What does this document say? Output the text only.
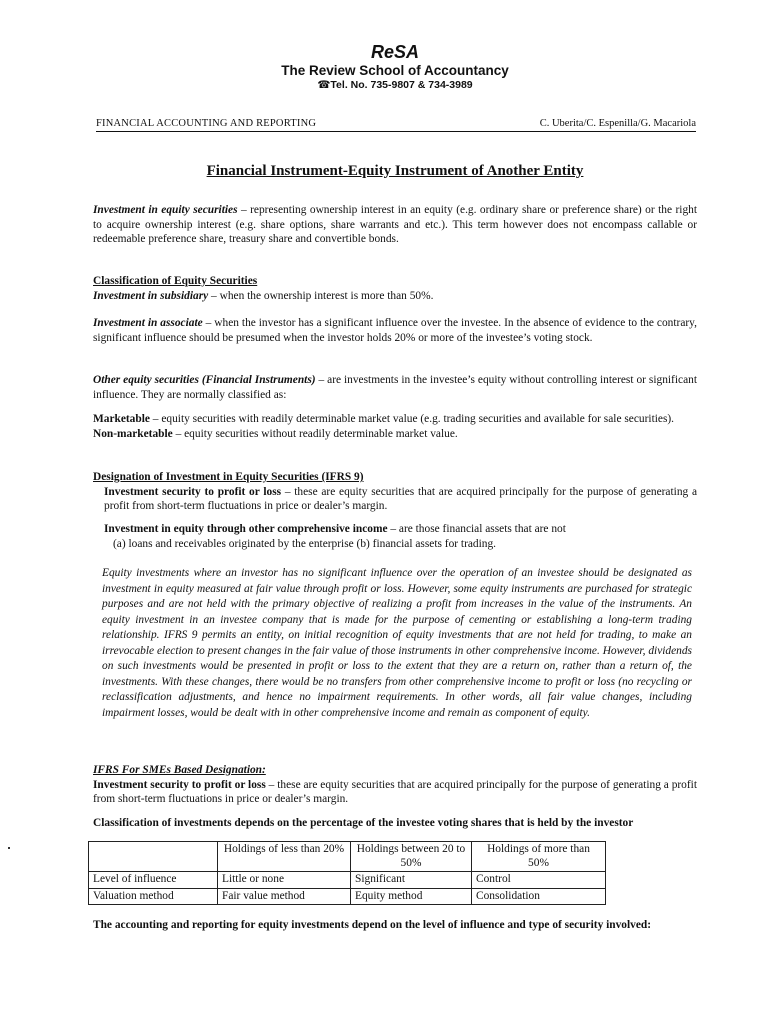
ReSA
The Review School of Accountancy
☎Tel. No. 735-9807 & 734-3989
FINANCIAL ACCOUNTING AND REPORTING	C. Uberita/C. Espenilla/G. Macariola
Financial Instrument-Equity Instrument of Another Entity
Investment in equity securities – representing ownership interest in an equity (e.g. ordinary share or preference share) or the right to acquire ownership interest (e.g. share options, share warrants and etc.). This term however does not encompass callable or redeemable preference share, treasury share and convertible bonds.
Classification of Equity Securities
Investment in subsidiary – when the ownership interest is more than 50%.
Investment in associate – when the investor has a significant influence over the investee. In the absence of evidence to the contrary, significant influence should be presumed when the investor holds 20% or more of the investee’s voting stock.
Other equity securities (Financial Instruments) – are investments in the investee’s equity without controlling interest or significant influence. They are normally classified as:
Marketable – equity securities with readily determinable market value (e.g. trading securities and available for sale securities).
Non-marketable – equity securities without readily determinable market value.
Designation of Investment in Equity Securities (IFRS 9)
Investment security to profit or loss – these are equity securities that are acquired principally for the purpose of generating a profit from short-term fluctuations in price or dealer’s margin.
Investment in equity through other comprehensive income – are those financial assets that are not
(a) loans and receivables originated by the enterprise (b) financial assets for trading.
Equity investments where an investor has no significant influence over the operation of an investee should be designated as investment in equity measured at fair value through profit or loss. However, some equity instruments are purchased for strategic purposes and are not held with the primary objective of realizing a profit from increases in the value of the instruments. An equity investment in an investee company that is made for the purpose of cementing or establishing a long-term trading relationship. IFRS 9 permits an entity, on initial recognition of equity investments that are not held for trading, to make an irrevocable election to present changes in the fair value of those instruments in other comprehensive income. However, dividends on such investments would be presented in profit or loss to the extent that they are a return on, rather than a return of, the investments. With these changes, there would be no transfers from other comprehensive income to profit or loss (no recycling or reclassification adjustments, and hence no impairment requirements. In other words, all fair value changes, including impairment losses, would be dealt with in other comprehensive income and remain as component of equity.
IFRS For SMEs Based Designation:
Investment security to profit or loss – these are equity securities that are acquired principally for the purpose of generating a profit from short-term fluctuations in price or dealer’s margin.
Classification of investments depends on the percentage of the investee voting shares that is held by the investor
	Holdings of less than 20%	Holdings between 20 to 50%	Holdings of more than 50%
Level of influence	Little or none	Significant	Control
Valuation method	Fair value method	Equity method	Consolidation
The accounting and reporting for equity investments depend on the level of influence and type of security involved:
